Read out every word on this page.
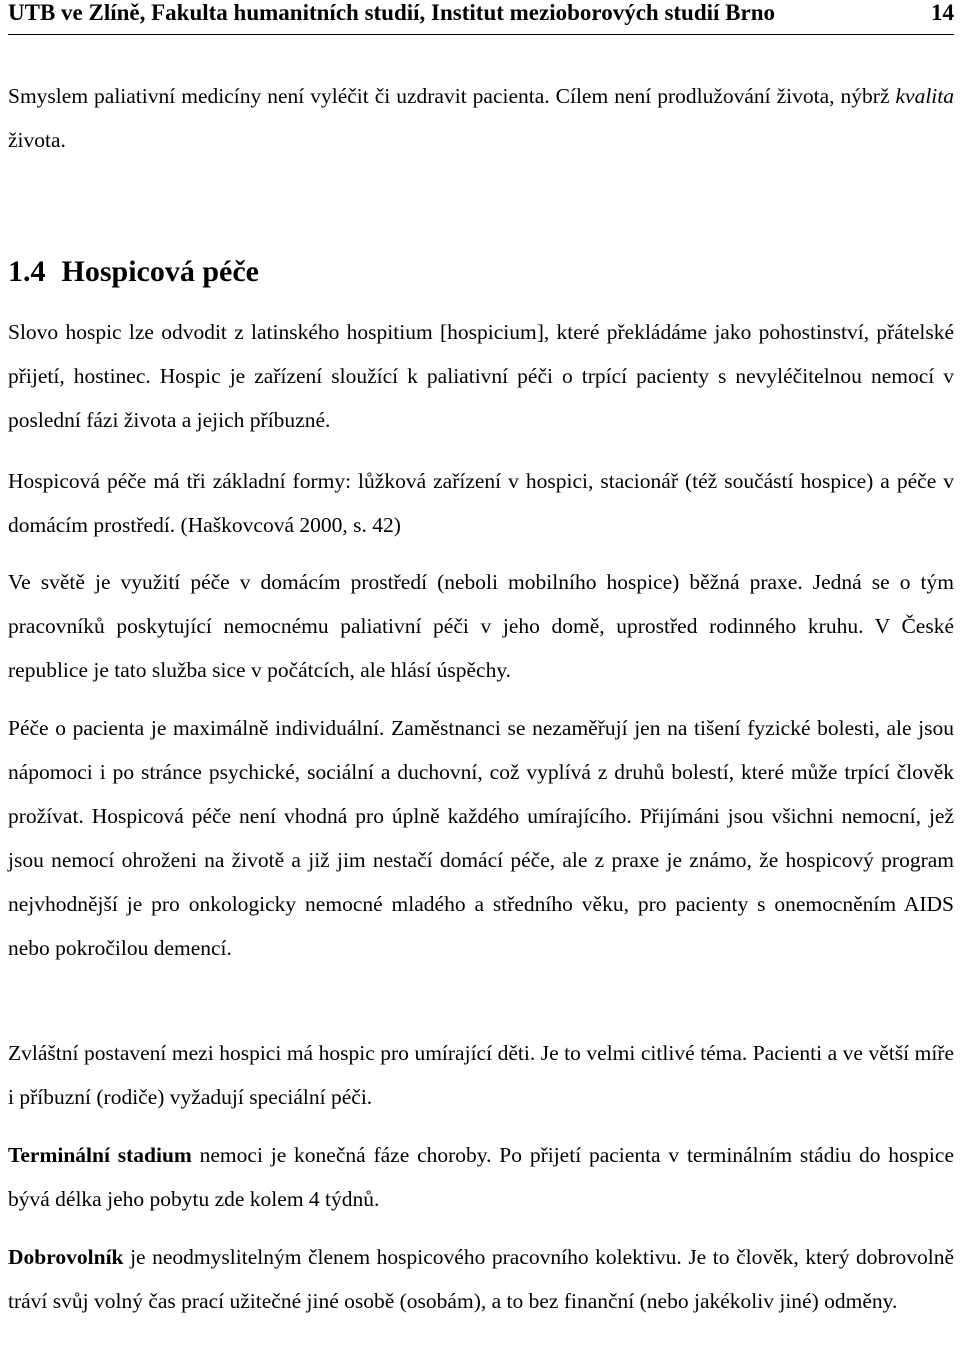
UTB ve Zlíně, Fakulta humanitních studií, Institut mezioborových studií Brno	14

Smyslem paliativní medicíny není vyléčit či uzdravit pacienta. Cílem není prodlužování života, nýbrž kvalita života.

1.4 Hospicová péče

Slovo hospic lze odvodit z latinského hospitium [hospicium], které překládáme jako pohostinství, přátelské přijetí, hostinec. Hospic je zařízení sloužící k paliativní péči o trpící pacienty s nevyléčitelnou nemocí v poslední fázi života a jejich příbuzné.

Hospicová péče má tři základní formy: lůžková zařízení v hospici, stacionář (též součástí hospice) a péče v domácím prostředí. (Haškovcová 2000, s. 42)

Ve světě je využití péče v domácím prostředí (neboli mobilního hospice) běžná praxe. Jedná se o tým pracovníků poskytující nemocnému paliativní péči v jeho domě, uprostřed rodinného kruhu. V České republice je tato služba sice v počátcích, ale hlásí úspěchy.

Péče o pacienta je maximálně individuální. Zaměstnanci se nezaměřují jen na tišení fyzické bolesti, ale jsou nápomoci i po stránce psychické, sociální a duchovní, což vyplívá z druhů bolestí, které může trpící člověk prožívat. Hospicová péče není vhodná pro úplně každého umírajícího. Přijímáni jsou všichni nemocní, jež jsou nemocí ohroženi na životě a již jim nestačí domácí péče, ale z praxe je známo, že hospicový program nejvhodnější je pro onkologicky nemocné mladého a středního věku, pro pacienty s onemocněním AIDS nebo pokročilou demencí.

Zvláštní postavení mezi hospici má hospic pro umírající děti. Je to velmi citlivé téma. Pacienti a ve větší míře i příbuzní (rodiče) vyžadují speciální péči.

Terminální stadium nemoci je konečná fáze choroby. Po přijetí pacienta v terminálním stádiu do hospice bývá délka jeho pobytu zde kolem 4 týdnů.

Dobrovolník je neodmyslitelným členem hospicového pracovního kolektivu. Je to člověk, který dobrovolně tráví svůj volný čas prací užitečné jiné osobě (osobám), a to bez finanční (nebo jakékoliv jiné) odměny.
